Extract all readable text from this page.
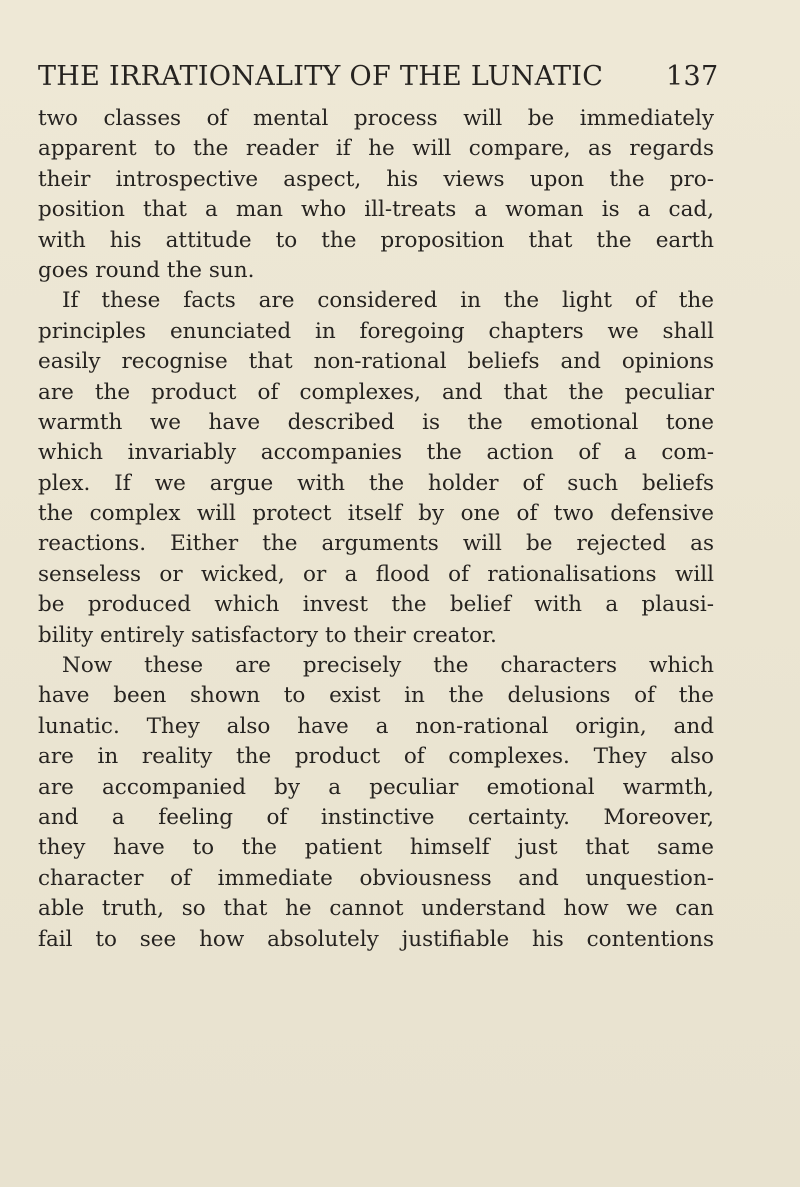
THE IRRATIONALITY OF THE LUNATIC 137
two classes of mental process will be immediately
apparent to the reader if he will compare, as regards
their introspective aspect, his views upon the pro-
position that a man who ill-treats a woman is a cad,
with his attitude to the proposition that the earth
goes round the sun.
If these facts are considered in the light of the
principles enunciated in foregoing chapters we shall
easily recognise that non-rational beliefs and opinions
are the product of complexes, and that the peculiar
warmth we have described is the emotional tone
which invariably accompanies the action of a com-
plex. If we argue with the holder of such beliefs
the complex will protect itself by one of two defensive
reactions. Either the arguments will be rejected as
senseless or wicked, or a flood of rationalisations will
be produced which invest the belief with a plausi-
bility entirely satisfactory to their creator.
Now these are precisely the characters which
have been shown to exist in the delusions of the
lunatic. They also have a non-rational origin, and
are in reality the product of complexes. They also
are accompanied by a peculiar emotional warmth,
and a feeling of instinctive certainty. Moreover,
they have to the patient himself just that same
character of immediate obviousness and unquestion-
able truth, so that he cannot understand how we can
fail to see how absolutely justifiable his contentions
